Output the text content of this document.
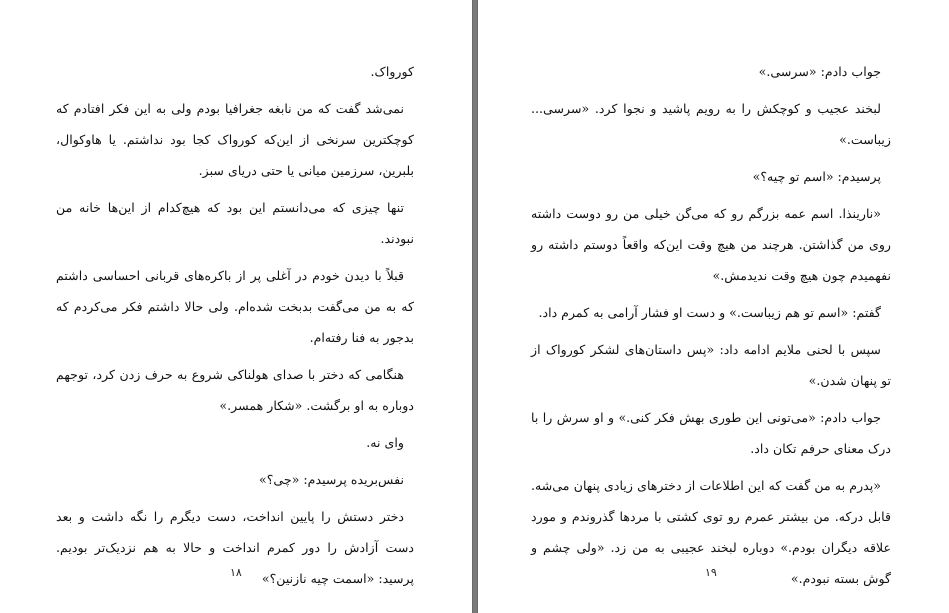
کورواک.

نمی‌شد گفت که من نابغه جغرافیا بودم ولی به این فکر افتادم که کوچکترین سرنخی از این‌که کورواک کجا بود نداشتم. یا هاوکوال، بلبرین، سرزمین میانی یا حتی دریای سبز.

تنها چیزی که می‌دانستم این بود که هیچ‌کدام از این‌ها خانه من نبودند.

قبلاً با دیدن خودم در آغلی پر از باکره‌های قربانی احساسی داشتم که به من می‌گفت بدبخت شده‌ام. ولی حالا داشتم فکر می‌کردم که بدجور به فنا رفته‌ام.

هنگامی که دختر با صدای هولناکی شروع به حرف زدن کرد، توجهم دوباره به او برگشت. «شکار همسر.»

وای نه.

نفس‌بریده پرسیدم: «چی؟»

دختر دستش را پایین انداخت، دست دیگرم را نگه داشت و بعد دست آزادش را دور کمرم انداخت و حالا به هم نزدیک‌تر بودیم. پرسید: «اسمت چیه نازنین؟»

۱۸

جواب دادم: «سرسی.»

لبخند عجیب و کوچکش را به رویم پاشید و نجوا کرد. «سرسی... زیباست.»

پرسیدم: «اسم تو چیه؟»

«نارینذا. اسم عمه بزرگم رو که می‌گن خیلی من رو دوست داشته روی من گذاشتن. هرچند من هیچ وقت این‌که واقعاً دوستم داشته رو نفهمیدم چون هیچ وقت ندیدمش.»

گفتم: «اسم تو هم زیباست.» و دست او فشار آرامی به کمرم داد.

سپس با لحنی ملایم ادامه داد: «پس داستان‌های لشکر کورواک از تو پنهان شدن.»

جواب دادم: «می‌تونی این طوری بهش فکر کنی.» و او سرش را با درک معنای حرفم تکان داد.

«پدرم به من گفت که این اطلاعات از دخترهای زیادی پنهان می‌شه. قابل درکه. من بیشتر عمرم رو توی کشتی با مردها گذروندم و مورد علاقه دیگران بودم.» دوباره لبخند عجیبی به من زد. «ولی چشم و گوش بسته نبودم.»

۱۹
